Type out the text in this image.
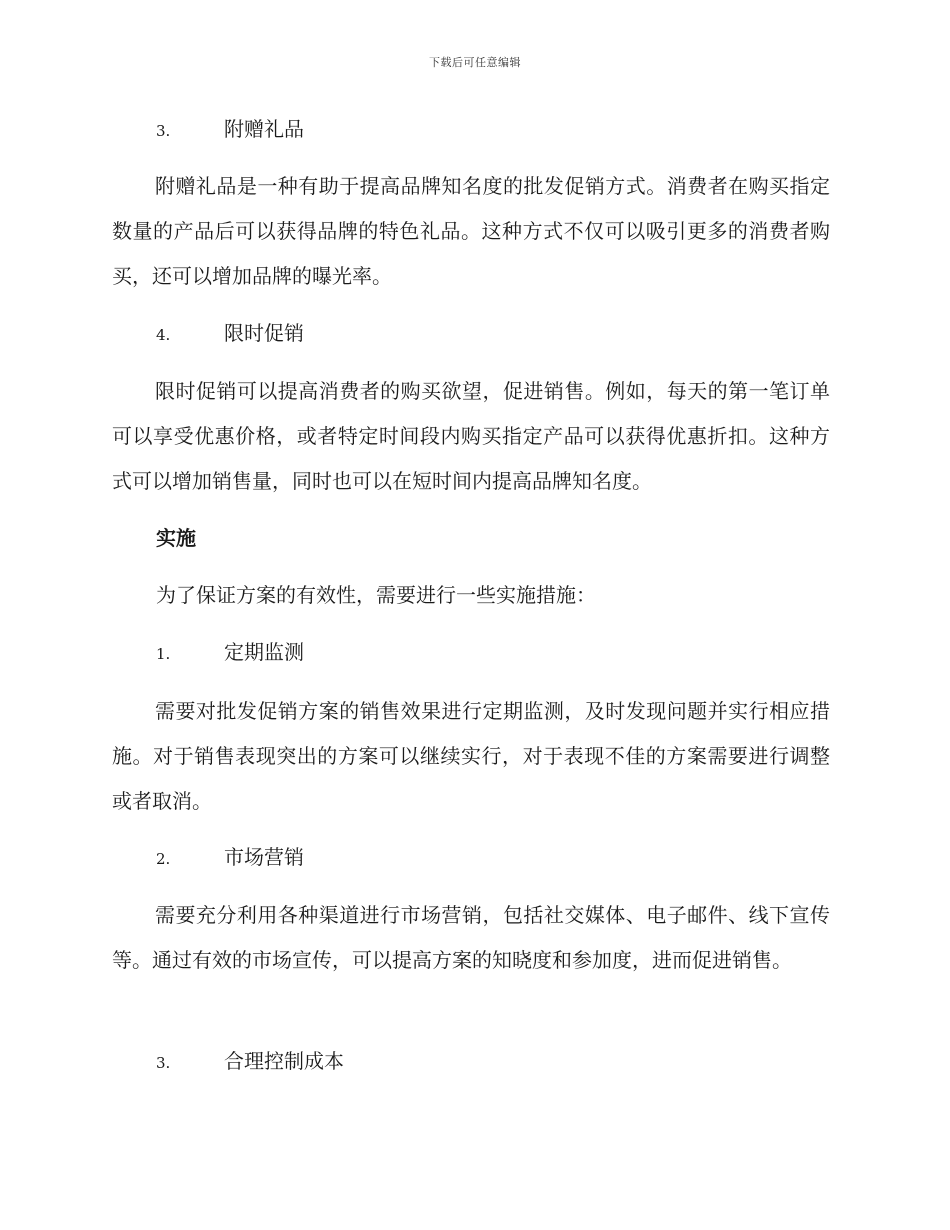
下载后可任意编辑
3.	附赠礼品

附赠礼品是一种有助于提高品牌知名度的批发促销方式。消费者在购买指定数量的产品后可以获得品牌的特色礼品。这种方式不仅可以吸引更多的消费者购买，还可以增加品牌的曝光率。

4.	限时促销

限时促销可以提高消费者的购买欲望，促进销售。例如，每天的第一笔订单可以享受优惠价格，或者特定时间段内购买指定产品可以获得优惠折扣。这种方式可以增加销售量，同时也可以在短时间内提高品牌知名度。

实施
为了保证方案的有效性，需要进行一些实施措施：
1.	定期监测

需要对批发促销方案的销售效果进行定期监测，及时发现问题并实行相应措施。对于销售表现突出的方案可以继续实行，对于表现不佳的方案需要进行调整或者取消。

2.	市场营销

需要充分利用各种渠道进行市场营销，包括社交媒体、电子邮件、线下宣传等。通过有效的市场宣传，可以提高方案的知晓度和参加度，进而促进销售。

3.	合理控制成本
